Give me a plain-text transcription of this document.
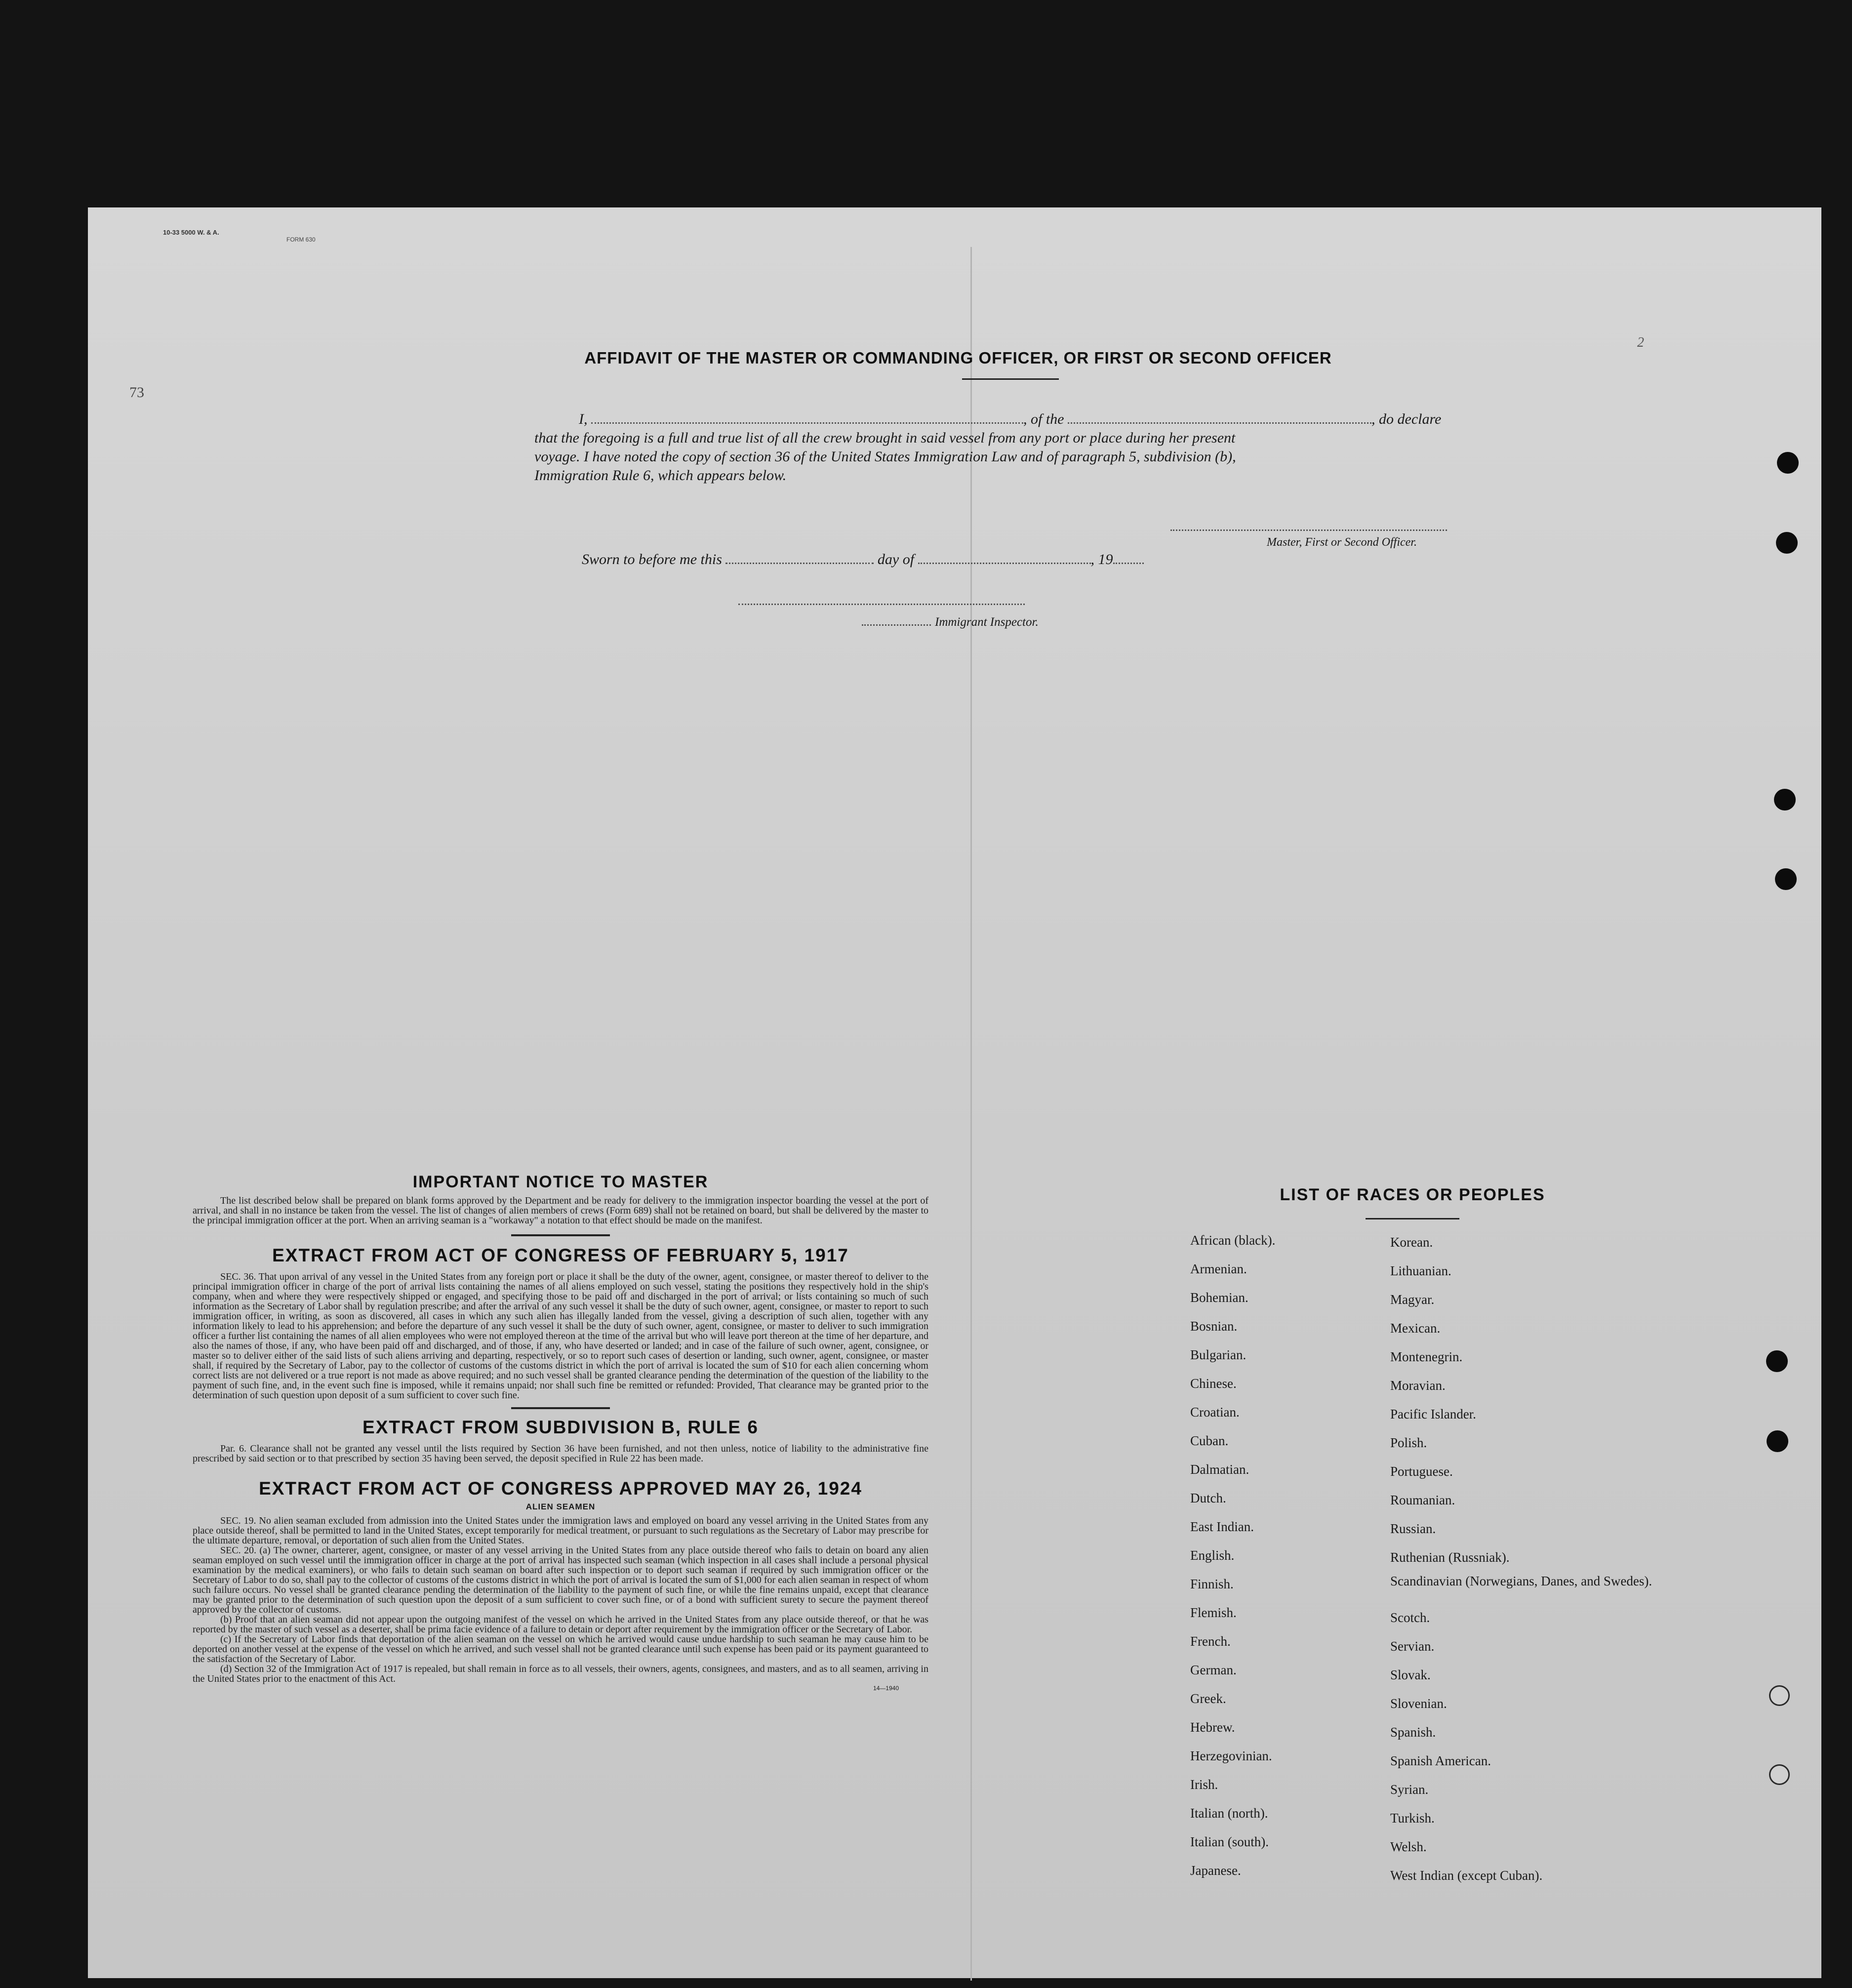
10-33 5000 W. & A.
FORM 630
73
2
AFFIDAVIT OF THE MASTER OR COMMANDING OFFICER, OR FIRST OR SECOND OFFICER
I,	, of the	, do declare
that the foregoing is a full and true list of all the crew brought in said vessel from any port or place during her present
voyage. I have noted the copy of section 36 of the United States Immigration Law and of paragraph 5, subdivision (b),
Immigration Rule 6, which appears below.
Master, First or Second Officer.
Sworn to before me this	day of	, 19
Immigrant Inspector.
IMPORTANT NOTICE TO MASTER
The list described below shall be prepared on blank forms approved by the Department and be ready for delivery to the immigration inspector boarding the vessel at the port of arrival, and shall in no instance be taken from the vessel. The list of changes of alien members of crews (Form 689) shall not be retained on board, but shall be delivered by the master to the principal immigration officer at the port. When an arriving seaman is a "workaway" a notation to that effect should be made on the manifest.
EXTRACT FROM ACT OF CONGRESS OF FEBRUARY 5, 1917
SEC. 36. That upon arrival of any vessel in the United States from any foreign port or place it shall be the duty of the owner, agent, consignee, or master thereof to deliver to the principal immigration officer in charge of the port of arrival lists containing the names of all aliens employed on such vessel, stating the positions they respectively hold in the ship's company, when and where they were respectively shipped or engaged, and specifying those to be paid off and discharged in the port of arrival; or lists containing so much of such information as the Secretary of Labor shall by regulation prescribe; and after the arrival of any such vessel it shall be the duty of such owner, agent, consignee, or master to report to such immigration officer, in writing, as soon as discovered, all cases in which any such alien has illegally landed from the vessel, giving a description of such alien, together with any information likely to lead to his apprehension; and before the departure of any such vessel it shall be the duty of such owner, agent, consignee, or master to deliver to such immigration officer a further list containing the names of all alien employees who were not employed thereon at the time of the arrival but who will leave port thereon at the time of her departure, and also the names of those, if any, who have been paid off and discharged, and of those, if any, who have deserted or landed; and in case of the failure of such owner, agent, consignee, or master so to deliver either of the said lists of such aliens arriving and departing, respectively, or so to report such cases of desertion or landing, such owner, agent, consignee, or master shall, if required by the Secretary of Labor, pay to the collector of customs of the customs district in which the port of arrival is located the sum of $10 for each alien concerning whom correct lists are not delivered or a true report is not made as above required; and no such vessel shall be granted clearance pending the determination of the question of the liability to the payment of such fine, and, in the event such fine is imposed, while it remains unpaid; nor shall such fine be remitted or refunded: Provided, That clearance may be granted prior to the determination of such question upon deposit of a sum sufficient to cover such fine.
EXTRACT FROM SUBDIVISION B, RULE 6
Par. 6. Clearance shall not be granted any vessel until the lists required by Section 36 have been furnished, and not then unless, notice of liability to the administrative fine prescribed by said section or to that prescribed by section 35 having been served, the deposit specified in Rule 22 has been made.
EXTRACT FROM ACT OF CONGRESS APPROVED MAY 26, 1924
ALIEN SEAMEN
SEC. 19. No alien seaman excluded from admission into the United States under the immigration laws and employed on board any vessel arriving in the United States from any place outside thereof, shall be permitted to land in the United States, except temporarily for medical treatment, or pursuant to such regulations as the Secretary of Labor may prescribe for the ultimate departure, removal, or deportation of such alien from the United States.
SEC. 20. (a) The owner, charterer, agent, consignee, or master of any vessel arriving in the United States from any place outside thereof who fails to detain on board any alien seaman employed on such vessel until the immigration officer in charge at the port of arrival has inspected such seaman (which inspection in all cases shall include a personal physical examination by the medical examiners), or who fails to detain such seaman on board after such inspection or to deport such seaman if required by such immigration officer or the Secretary of Labor to do so, shall pay to the collector of customs of the customs district in which the port of arrival is located the sum of $1,000 for each alien seaman in respect of whom such failure occurs. No vessel shall be granted clearance pending the determination of the liability to the payment of such fine, or while the fine remains unpaid, except that clearance may be granted prior to the determination of such question upon the deposit of a sum sufficient to cover such fine, or of a bond with sufficient surety to secure the payment thereof approved by the collector of customs.
(b) Proof that an alien seaman did not appear upon the outgoing manifest of the vessel on which he arrived in the United States from any place outside thereof, or that he was reported by the master of such vessel as a deserter, shall be prima facie evidence of a failure to detain or deport after requirement by the immigration officer or the Secretary of Labor.
(c) If the Secretary of Labor finds that deportation of the alien seaman on the vessel on which he arrived would cause undue hardship to such seaman he may cause him to be deported on another vessel at the expense of the vessel on which he arrived, and such vessel shall not be granted clearance until such expense has been paid or its payment guaranteed to the satisfaction of the Secretary of Labor.
(d) Section 32 of the Immigration Act of 1917 is repealed, but shall remain in force as to all vessels, their owners, agents, consignees, and masters, and as to all seamen, arriving in the United States prior to the enactment of this Act.
14—1940
LIST OF RACES OR PEOPLES
African (black).
Armenian.
Bohemian.
Bosnian.
Bulgarian.
Chinese.
Croatian.
Cuban.
Dalmatian.
Dutch.
East Indian.
English.
Finnish.
Flemish.
French.
German.
Greek.
Hebrew.
Herzegovinian.
Irish.
Italian (north).
Italian (south).
Japanese.
Korean.
Lithuanian.
Magyar.
Mexican.
Montenegrin.
Moravian.
Pacific Islander.
Polish.
Portuguese.
Roumanian.
Russian.
Ruthenian (Russniak).
Scandinavian (Norwegians, Danes, and Swedes).
Scotch.
Servian.
Slovak.
Slovenian.
Spanish.
Spanish American.
Syrian.
Turkish.
Welsh.
West Indian (except Cuban).
